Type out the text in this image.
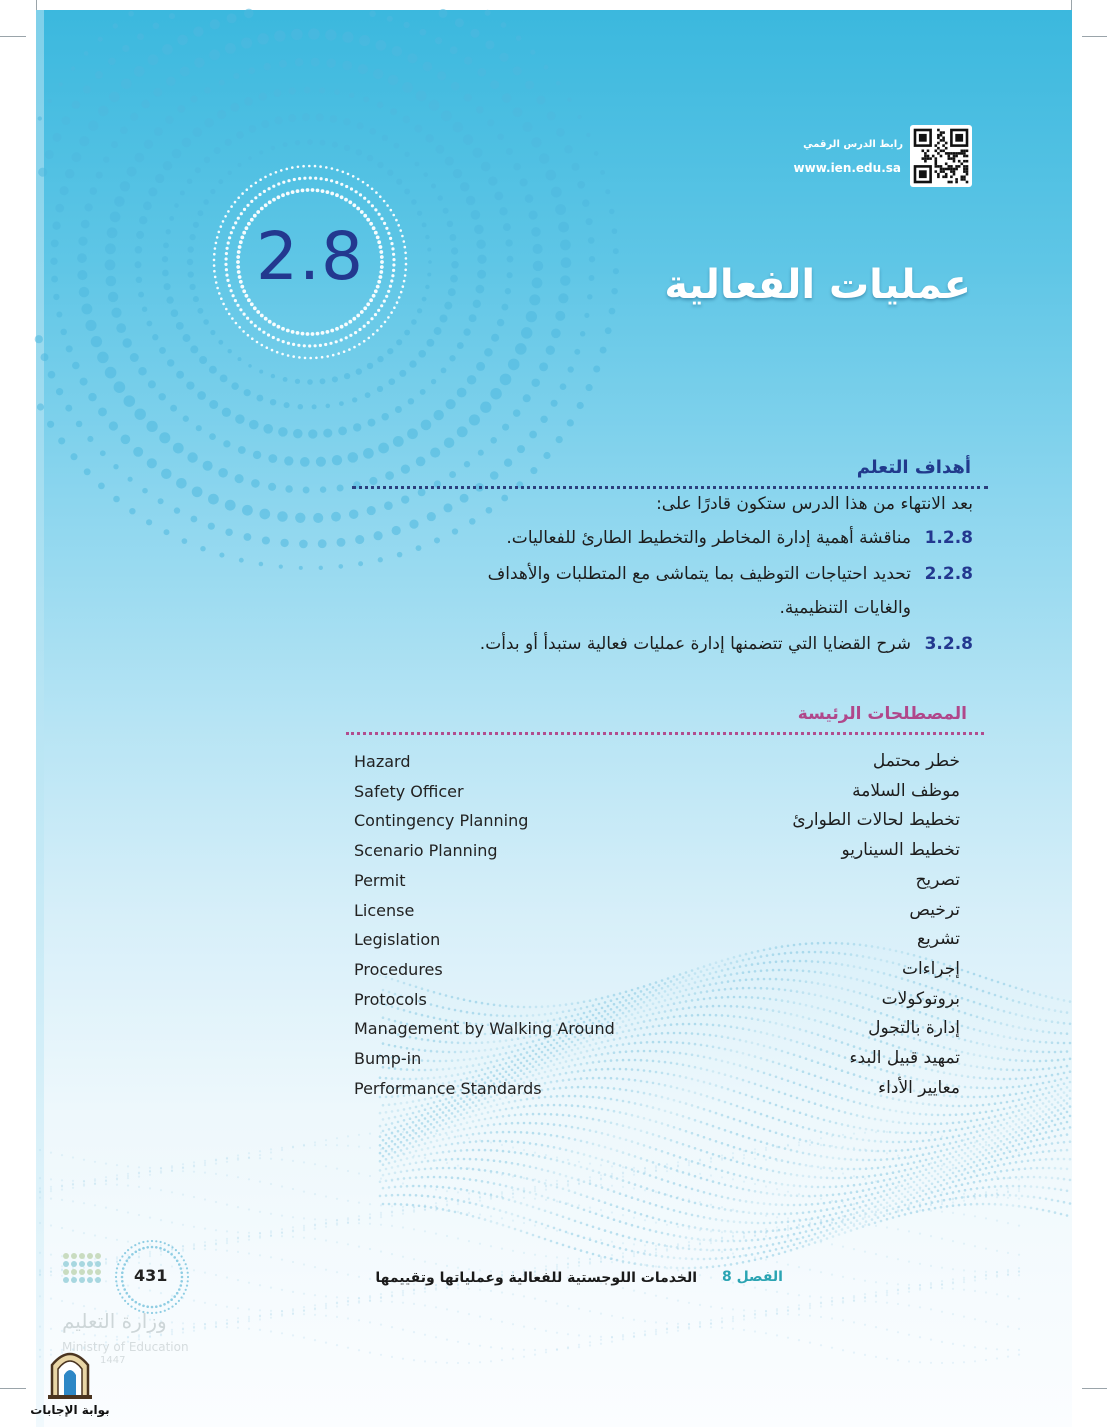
رابط الدرس الرقمي
www.ien.edu.sa
2.8	عمليات الفعالية
أهداف التعلم
بعد الانتهاء من هذا الدرس ستكون قادرًا على:
1.2.8
مناقشة أهمية إدارة المخاطر والتخطيط الطارئ للفعاليات.
2.2.8
تحديد احتياجات التوظيف بما يتماشى مع المتطلبات والأهداف
والغايات التنظيمية.
3.2.8
شرح القضايا التي تتضمنها إدارة عمليات فعالية ستبدأ أو بدأت.
المصطلحات الرئيسة
Hazard	خطر محتمل
Safety Officer	موظف السلامة
Contingency Planning	تخطيط لحالات الطوارئ
Scenario Planning	تخطيط السيناريو
Permit	تصريح
License	ترخيص
Legislation	تشريع
Procedures	إجراءات
Protocols	بروتوكولات
Management by Walking Around	إدارة بالتجول
Bump-in	تمهيد قبيل البدء
Performance Standards	معايير الأداء
الفصل 8
الخدمات اللوجستية للفعالية وعملياتها وتقييمها
431
وزارة التعليم
Ministry of Education
1447
بوابة الإجابات
